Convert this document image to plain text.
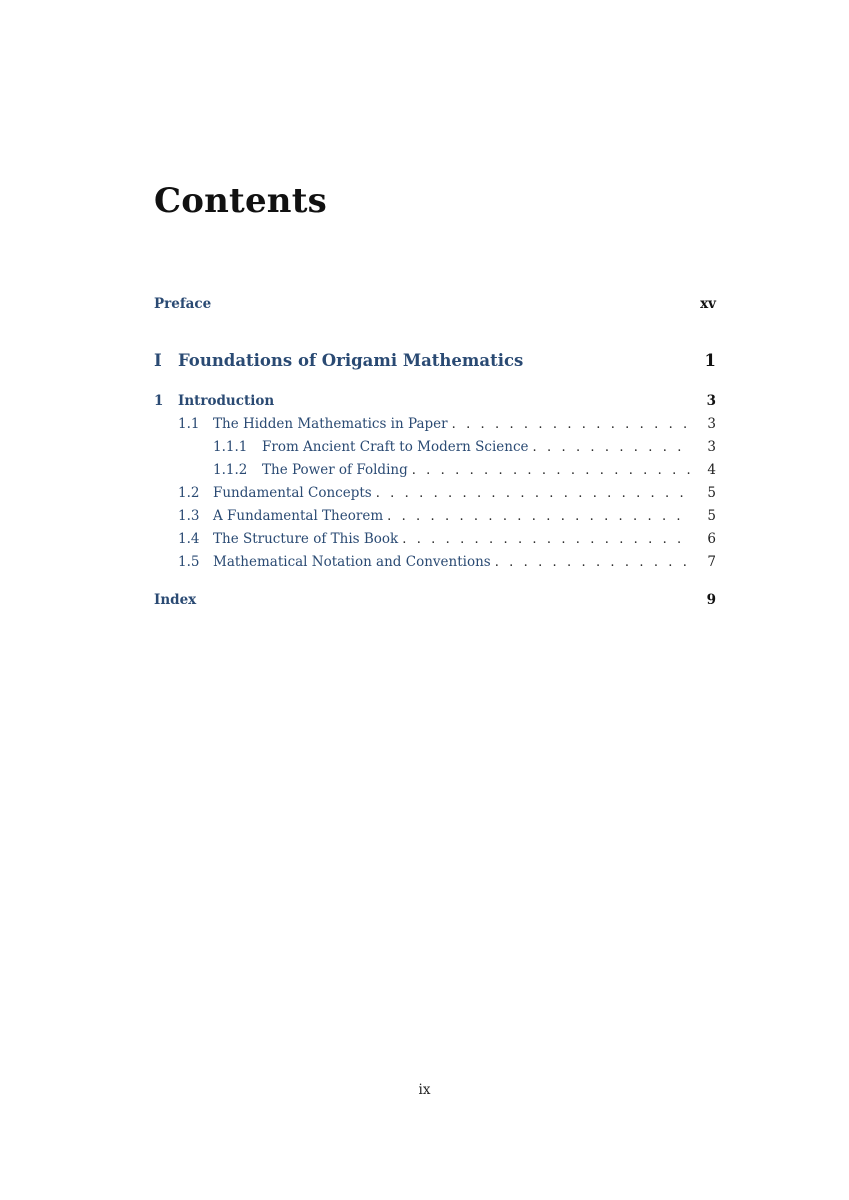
Contents
Preface	xv
I Foundations of Origami Mathematics	1
1	Introduction	3
1.1	The Hidden Mathematics in Paper . . .	3
1.1.1	From Ancient Craft to Modern Science . . .	3
1.1.2	The Power of Folding . . .	4
1.2	Fundamental Concepts . . .	5
1.3	A Fundamental Theorem . . .	5
1.4	The Structure of This Book . . .	6
1.5	Mathematical Notation and Conventions . . .	7
Index	9
ix
